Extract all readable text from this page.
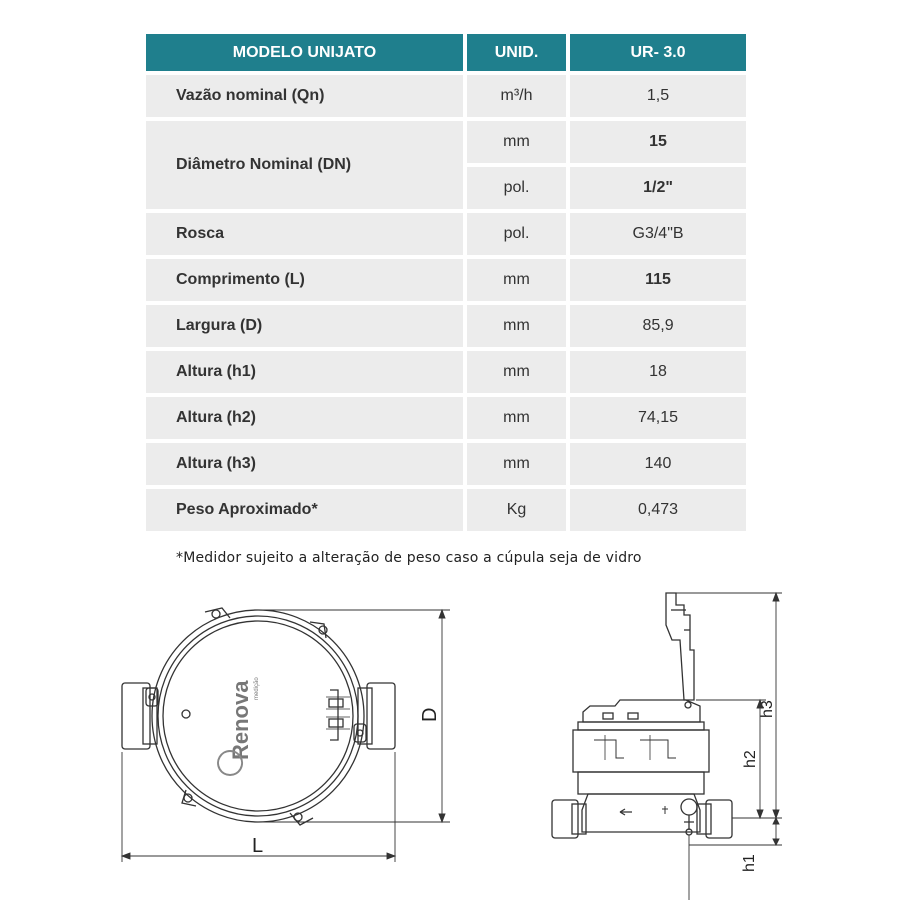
MODELO UNIJATO	UNID.	UR- 3.0
Vazão nominal (Qn)	m³/h	1,5
Diâmetro Nominal (DN)	mm	15
	pol.	1/2"
Rosca	pol.	G3/4"B
Comprimento (L)	mm	115
Largura (D)	mm	85,9
Altura (h1)	mm	18
Altura (h2)	mm	74,15
Altura (h3)	mm	140
Peso Aproximado*	Kg	0,473
*Medidor sujeito a alteração de peso caso a cúpula seja de vidro
Renova medição
L
D	h3
h2
h1
